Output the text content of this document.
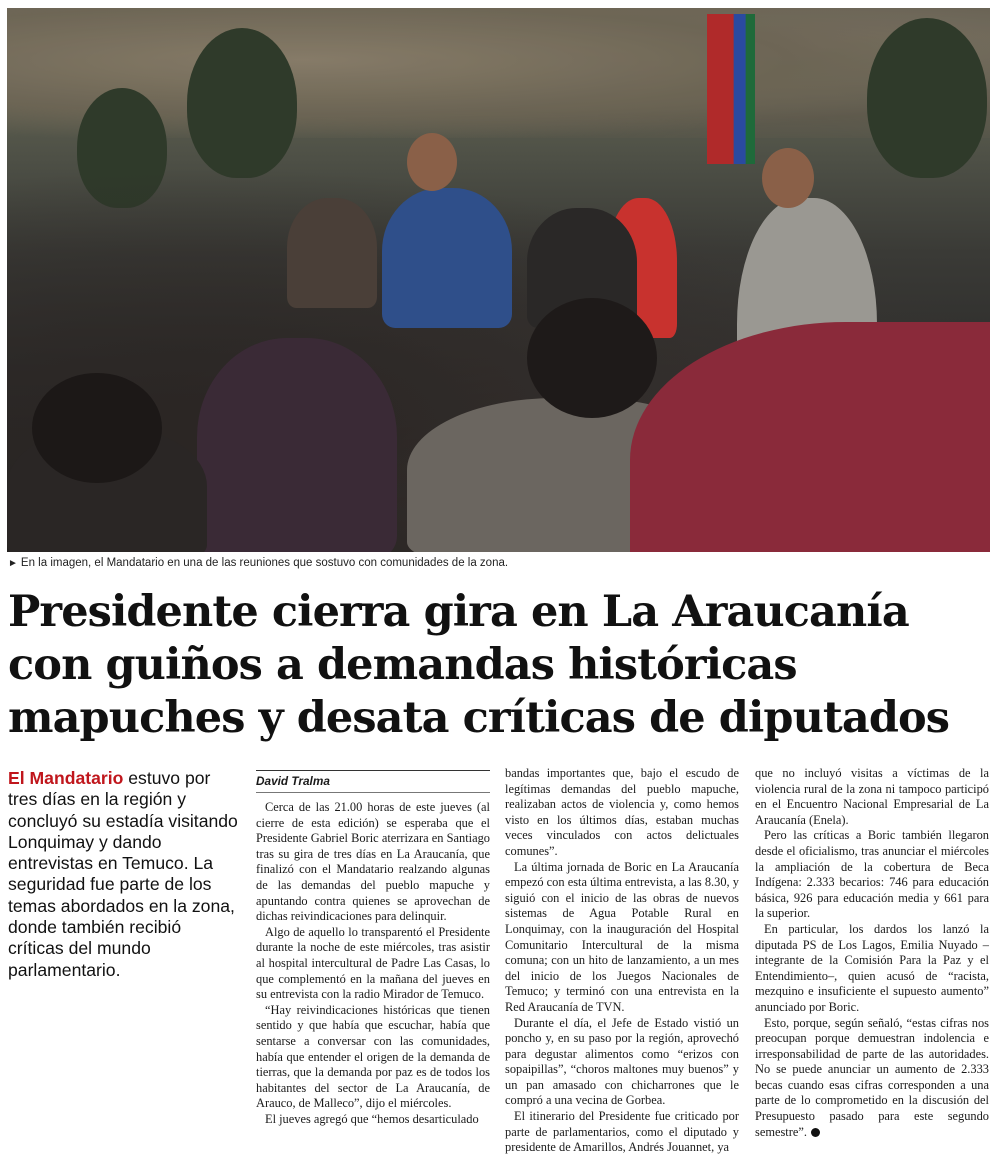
► En la imagen, el Mandatario en una de las reuniones que sostuvo con comunidades de la zona.
Presidente cierra gira en La Araucanía con guiños a demandas históricas mapuches y desata críticas de diputados

El Mandatario estuvo por tres días en la región y concluyó su estadía visitando Lonquimay y dando entrevistas en Temuco. La seguridad fue parte de los temas abordados en la zona, donde también recibió críticas del mundo parlamentario.

David Tralma

Cerca de las 21.00 horas de este jueves (al cierre de esta edición) se esperaba que el Presidente Gabriel Boric aterrizara en Santiago tras su gira de tres días en La Araucanía, que finalizó con el Mandatario realzando algunas de las demandas del pueblo mapuche y apuntando contra quienes se aprovechan de dichas reivindicaciones para delinquir.

Algo de aquello lo transparentó el Presidente durante la noche de este miércoles, tras asistir al hospital intercultural de Padre Las Casas, lo que complementó en la mañana del jueves en su entrevista con la radio Mirador de Temuco.

“Hay reivindicaciones históricas que tienen sentido y que había que escuchar, había que sentarse a conversar con las comunidades, había que entender el origen de la demanda de tierras, que la demanda por paz es de todos los habitantes del sector de La Araucanía, de Arauco, de Malleco”, dijo el miércoles.

El jueves agregó que “hemos desarticulado

bandas importantes que, bajo el escudo de legítimas demandas del pueblo mapuche, realizaban actos de violencia y, como hemos visto en los últimos días, estaban muchas veces vinculados con actos delictuales comunes”.

La última jornada de Boric en La Araucanía empezó con esta última entrevista, a las 8.30, y siguió con el inicio de las obras de nuevos sistemas de Agua Potable Rural en Lonquimay, con la inauguración del Hospital Comunitario Intercultural de la misma comuna; con un hito de lanzamiento, a un mes del inicio de los Juegos Nacionales de Temuco; y terminó con una entrevista en la Red Araucanía de TVN.

Durante el día, el Jefe de Estado vistió un poncho y, en su paso por la región, aprovechó para degustar alimentos como “erizos con sopaipillas”, “choros maltones muy buenos” y un pan amasado con chicharrones que le compró a una vecina de Gorbea.

El itinerario del Presidente fue criticado por parte de parlamentarios, como el diputado y presidente de Amarillos, Andrés Jouannet, ya

que no incluyó visitas a víctimas de la violencia rural de la zona ni tampoco participó en el Encuentro Nacional Empresarial de La Araucanía (Enela).

Pero las críticas a Boric también llegaron desde el oficialismo, tras anunciar el miércoles la ampliación de la cobertura de Beca Indígena: 2.333 becarios: 746 para educación básica, 926 para educación media y 661 para la superior.

En particular, los dardos los lanzó la diputada PS de Los Lagos, Emilia Nuyado –integrante de la Comisión Para la Paz y el Entendimiento–, quien acusó de “racista, mezquino e insuficiente el supuesto aumento” anunciado por Boric.

Esto, porque, según señaló, “estas cifras nos preocupan porque demuestran indolencia e irresponsabilidad de parte de las autoridades. No se puede anunciar un aumento de 2.333 becas cuando esas cifras corresponden a una parte de lo comprometido en la discusión del Presupuesto pasado para este segundo semestre”.
